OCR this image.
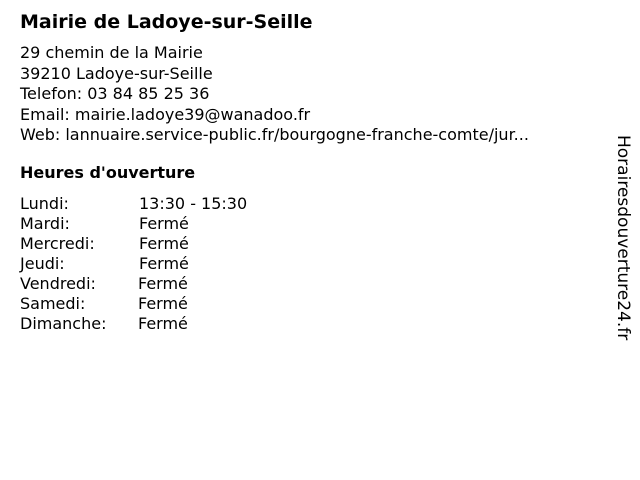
Mairie de Ladoye-sur-Seille
29 chemin de la Mairie
39210 Ladoye-sur-Seille
Telefon: 03 84 85 25 36
Email: mairie.ladoye39@wanadoo.fr
Web: lannuaire.service-public.fr/bourgogne-franche-comte/jur...
Heures d'ouverture
Lundi:	13:30 - 15:30
Mardi:	Fermé
Mercredi:	Fermé
Jeudi:	Fermé
Vendredi:	Fermé
Samedi:	Fermé
Dimanche:	Fermé	Horairesdouverture24.fr
